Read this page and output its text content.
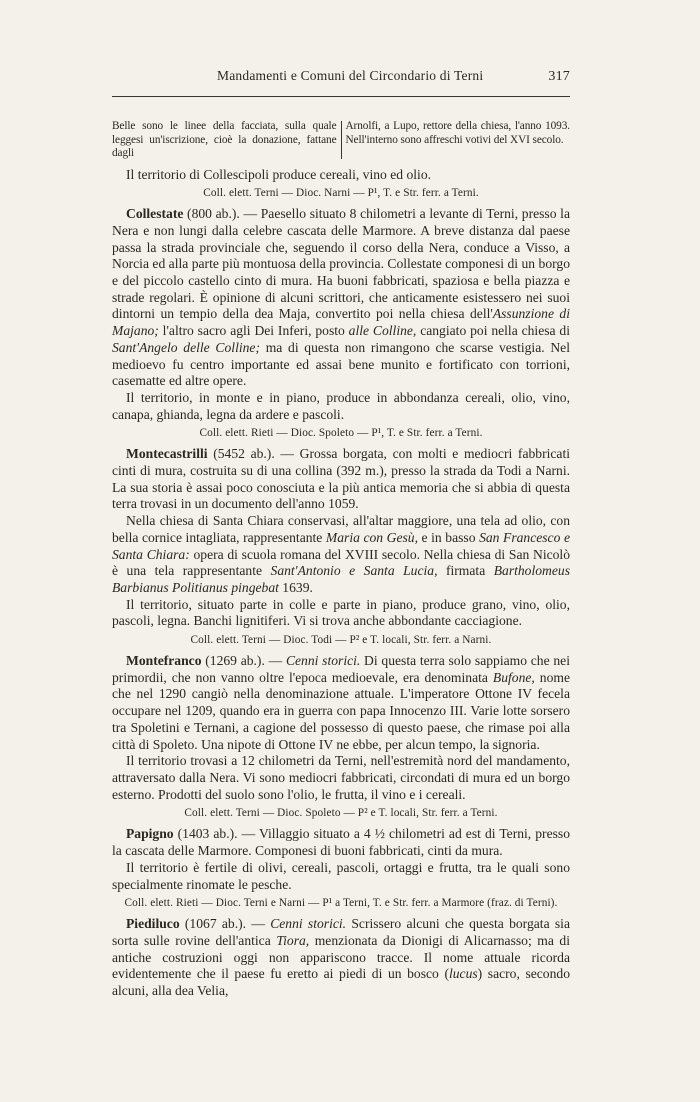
Mandamenti e Comuni del Circondario di Terni	317
Belle sono le linee della facciata, sulla quale leggesi un'iscrizione, cioè la donazione, fattane dagli
Arnolfi, a Lupo, rettore della chiesa, l'anno 1093. Nell'interno sono affreschi votivi del XVI secolo.

Il territorio di Collescipoli produce cereali, vino ed olio.

Coll. elett. Terni — Dioc. Narni — P¹, T. e Str. ferr. a Terni.

Collestate (800 ab.). — Paesello situato 8 chilometri a levante di Terni, presso la Nera e non lungi dalla celebre cascata delle Marmore. A breve distanza dal paese passa la strada provinciale che, seguendo il corso della Nera, conduce a Visso, a Norcia ed alla parte più montuosa della provincia. Collestate componesi di un borgo e del piccolo castello cinto di mura. Ha buoni fabbricati, spaziosa e bella piazza e strade regolari. È opinione di alcuni scrittori, che anticamente esistessero nei suoi dintorni un tempio della dea Maja, convertito poi nella chiesa dell'Assunzione di Majano; l'altro sacro agli Dei Inferi, posto alle Colline, cangiato poi nella chiesa di Sant'Angelo delle Colline; ma di questa non rimangono che scarse vestigia. Nel medioevo fu centro importante ed assai bene munito e fortificato con torrioni, casematte ed altre opere.

Il territorio, in monte e in piano, produce in abbondanza cereali, olio, vino, canapa, ghianda, legna da ardere e pascoli.

Coll. elett. Rieti — Dioc. Spoleto — P¹, T. e Str. ferr. a Terni.

Montecastrilli (5452 ab.). — Grossa borgata, con molti e mediocri fabbricati cinti di mura, costruita su di una collina (392 m.), presso la strada da Todi a Narni. La sua storia è assai poco conosciuta e la più antica memoria che si abbia di questa terra trovasi in un documento dell'anno 1059.

Nella chiesa di Santa Chiara conservasi, all'altar maggiore, una tela ad olio, con bella cornice intagliata, rappresentante Maria con Gesù, e in basso San Francesco e Santa Chiara: opera di scuola romana del XVIII secolo. Nella chiesa di San Nicolò è una tela rappresentante Sant'Antonio e Santa Lucia, firmata Bartholomeus Barbianus Politianus pingebat 1639.

Il territorio, situato parte in colle e parte in piano, produce grano, vino, olio, pascoli, legna. Banchi lignitiferi. Vi si trova anche abbondante cacciagione.

Coll. elett. Terni — Dioc. Todi — P² e T. locali, Str. ferr. a Narni.

Montefranco (1269 ab.). — Cenni storici. Di questa terra solo sappiamo che nei primordii, che non vanno oltre l'epoca medioevale, era denominata Bufone, nome che nel 1290 cangiò nella denominazione attuale. L'imperatore Ottone IV fecela occupare nel 1209, quando era in guerra con papa Innocenzo III. Varie lotte sorsero tra Spoletini e Ternani, a cagione del possesso di questo paese, che rimase poi alla città di Spoleto. Una nipote di Ottone IV ne ebbe, per alcun tempo, la signoria.

Il territorio trovasi a 12 chilometri da Terni, nell'estremità nord del mandamento, attraversato dalla Nera. Vi sono mediocri fabbricati, circondati di mura ed un borgo esterno. Prodotti del suolo sono l'olio, le frutta, il vino e i cereali.

Coll. elett. Terni — Dioc. Spoleto — P² e T. locali, Str. ferr. a Terni.

Papigno (1403 ab.). — Villaggio situato a 4 ½ chilometri ad est di Terni, presso la cascata delle Marmore. Componesi di buoni fabbricati, cinti da mura.

Il territorio è fertile di olivi, cereali, pascoli, ortaggi e frutta, tra le quali sono specialmente rinomate le pesche.

Coll. elett. Rieti — Dioc. Terni e Narni — P¹ a Terni, T. e Str. ferr. a Marmore (fraz. di Terni).

Piediluco (1067 ab.). — Cenni storici. Scrissero alcuni che questa borgata sia sorta sulle rovine dell'antica Tiora, menzionata da Dionigi di Alicarnasso; ma di antiche costruzioni oggi non appariscono tracce. Il nome attuale ricorda evidentemente che il paese fu eretto ai piedi di un bosco (lucus) sacro, secondo alcuni, alla dea Velia,
